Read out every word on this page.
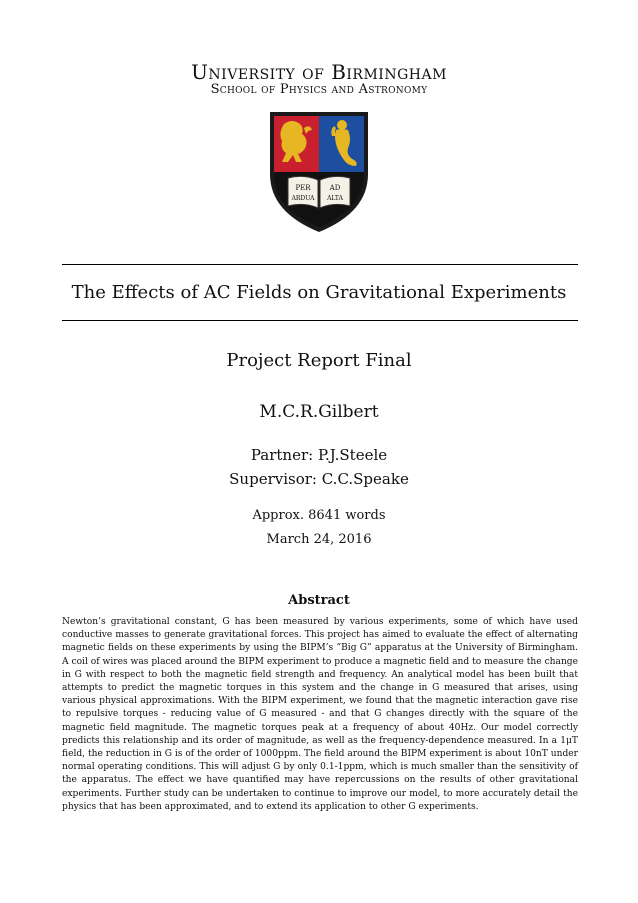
University of Birmingham
School of Physics and Astronomy
PER
ARDUA
AD
ALTA
The Effects of AC Fields on Gravitational Experiments
Project Report Final
M.C.R.Gilbert
Partner: P.J.Steele
Supervisor: C.C.Speake
Approx. 8641 words
March 24, 2016
Abstract
Newton’s gravitational constant, G has been measured by various experiments, some of which have used conductive masses to generate gravitational forces. This project has aimed to evaluate the effect of alternating magnetic fields on these experiments by using the BIPM’s ”Big G” apparatus at the University of Birmingham. A coil of wires was placed around the BIPM experiment to produce a magnetic field and to measure the change in G with respect to both the magnetic field strength and frequency. An analytical model has been built that attempts to predict the magnetic torques in this system and the change in G measured that arises, using various physical approximations. With the BIPM experiment, we found that the magnetic interaction gave rise to repulsive torques - reducing value of G measured - and that G changes directly with the square of the magnetic field magnitude. The magnetic torques peak at a frequency of about 40Hz. Our model correctly predicts this relationship and its order of magnitude, as well as the frequency-dependence measured. In a 1μT field, the reduction in G is of the order of 1000ppm. The field around the BIPM experiment is about 10nT under normal operating conditions. This will adjust G by only 0.1-1ppm, which is much smaller than the sensitivity of the apparatus. The effect we have quantified may have repercussions on the results of other gravitational experiments. Further study can be undertaken to continue to improve our model, to more accurately detail the physics that has been approximated, and to extend its application to other G experiments.
